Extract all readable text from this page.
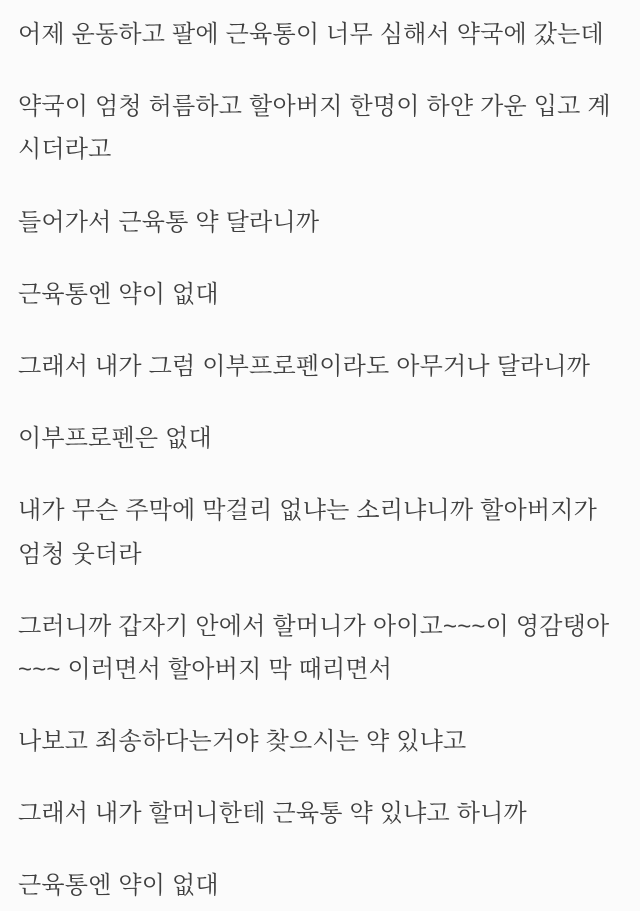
어제 운동하고 팔에 근육통이 너무 심해서 약국에 갔는데

약국이 엄청 허름하고 할아버지 한명이 하얀 가운 입고 계시더라고

들어가서 근육통 약 달라니까

근육통엔 약이 없대

그래서 내가 그럼 이부프로펜이라도 아무거나 달라니까

이부프로펜은 없대

내가 무슨 주막에 막걸리 없냐는 소리냐니까 할아버지가 엄청 웃더라

그러니까 갑자기 안에서 할머니가 아이고~~~이 영감탱아~~~ 이러면서 할아버지 막 때리면서

나보고 죄송하다는거야 찾으시는 약 있냐고

그래서 내가 할머니한테 근육통 약 있냐고 하니까

근육통엔 약이 없대
